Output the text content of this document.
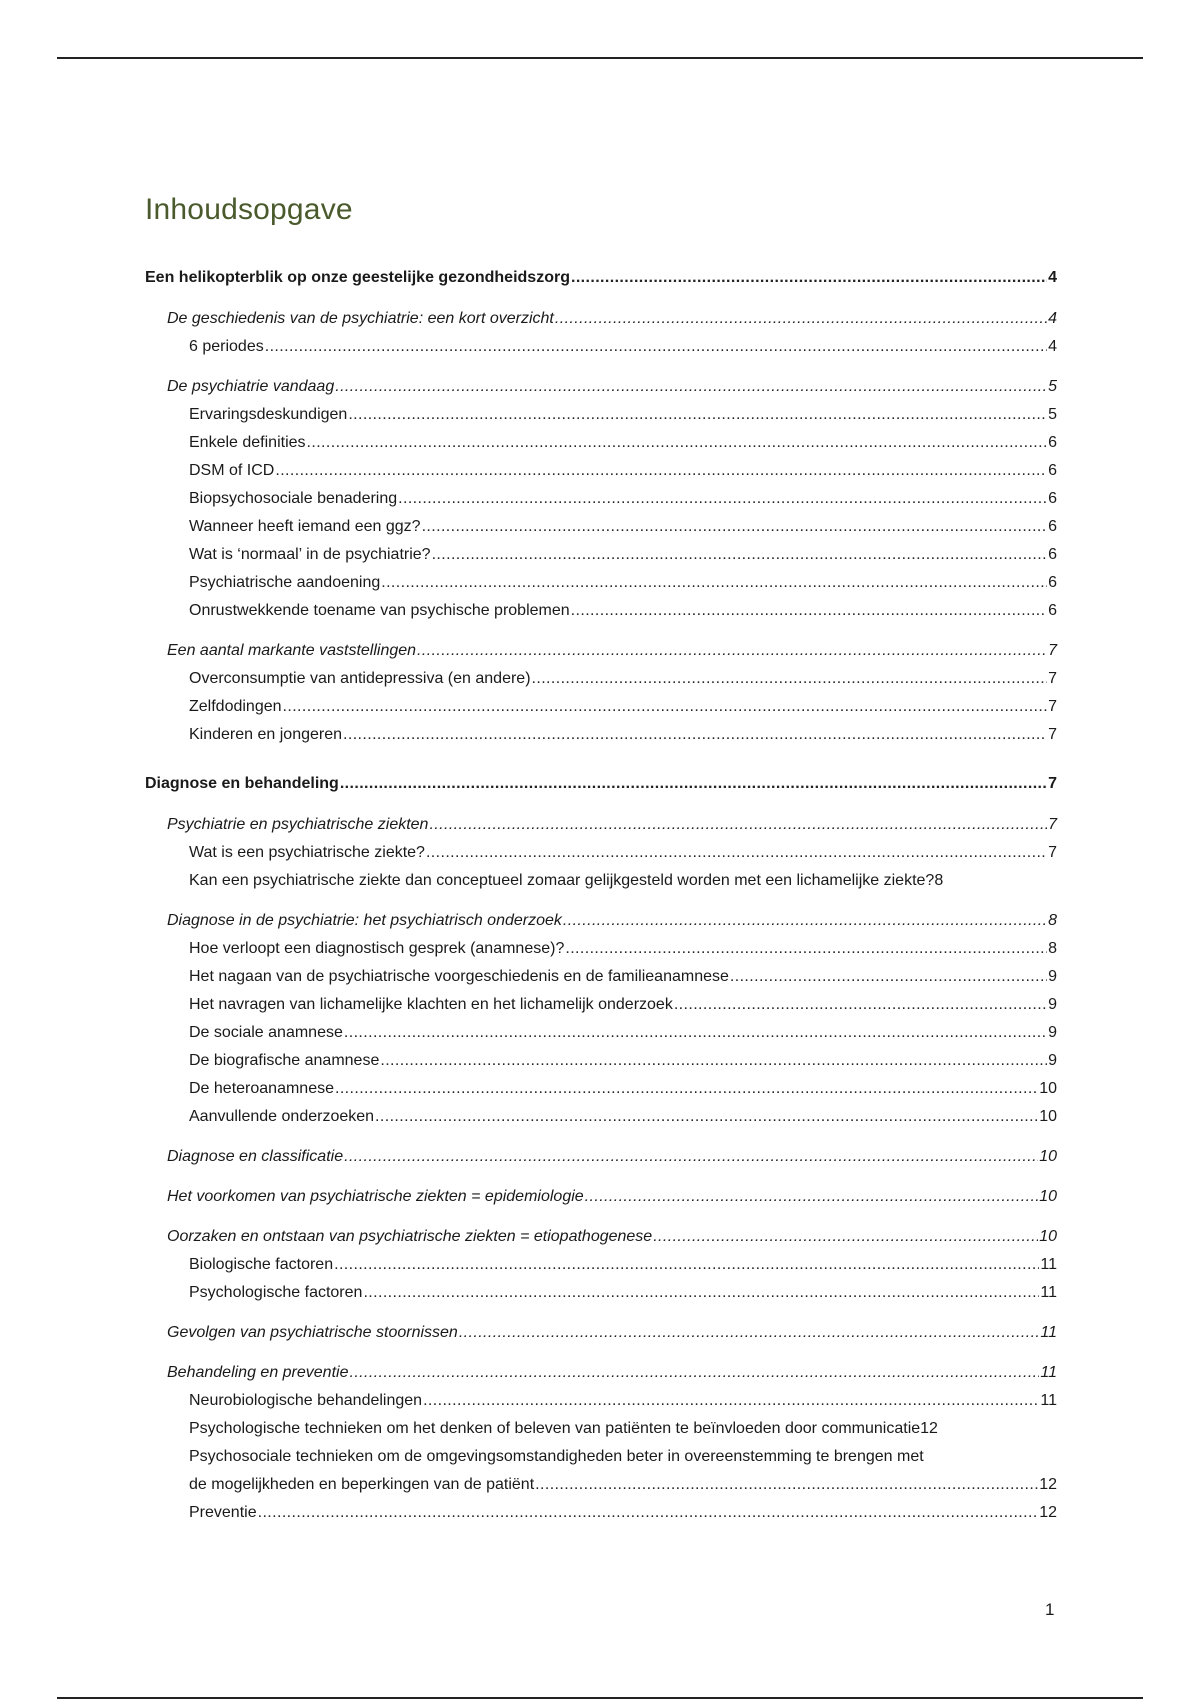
Inhoudsopgave
Een helikopterblik op onze geestelijke gezondheidszorg .....	4
De geschiedenis van de psychiatrie: een kort overzicht .....	4
6 periodes .....	4
De psychiatrie vandaag .....	5
Ervaringsdeskundigen .....	5
Enkele definities .....	6
DSM of ICD .....	6
Biopsychosociale benadering .....	6
Wanneer heeft iemand een ggz? .....	6
Wat is ‘normaal’ in de psychiatrie? .....	6
Psychiatrische aandoening .....	6
Onrustwekkende toename van psychische problemen .....	6
Een aantal markante vaststellingen .....	7
Overconsumptie van antidepressiva (en andere) .....	7
Zelfdodingen .....	7
Kinderen en jongeren .....	7
Diagnose en behandeling .....	7
Psychiatrie en psychiatrische ziekten .....	7
Wat is een psychiatrische ziekte? .....	7
Kan een psychiatrische ziekte dan conceptueel zomaar gelijkgesteld worden met een lichamelijke ziekte? 8
Diagnose in de psychiatrie: het psychiatrisch onderzoek .....	8
Hoe verloopt een diagnostisch gesprek (anamnese)? .....	8
Het nagaan van de psychiatrische voorgeschiedenis en de familieanamnese .....	9
Het navragen van lichamelijke klachten en het lichamelijk onderzoek .....	9
De sociale anamnese .....	9
De biografische anamnese .....	9
De heteroanamnese .....	10
Aanvullende onderzoeken .....	10
Diagnose en classificatie .....	10
Het voorkomen van psychiatrische ziekten = epidemiologie .....	10
Oorzaken en ontstaan van psychiatrische ziekten = etiopathogenese .....	10
Biologische factoren .....	11
Psychologische factoren .....	11
Gevolgen van psychiatrische stoornissen .....	11
Behandeling en preventie .....	11
Neurobiologische behandelingen .....	11
Psychologische technieken om het denken of beleven van patiënten te beïnvloeden door communicatie 12
Psychosociale technieken om de omgevingsomstandigheden beter in overeenstemming te brengen met
de mogelijkheden en beperkingen van de patiënt .....	12
Preventie .....	12
1
